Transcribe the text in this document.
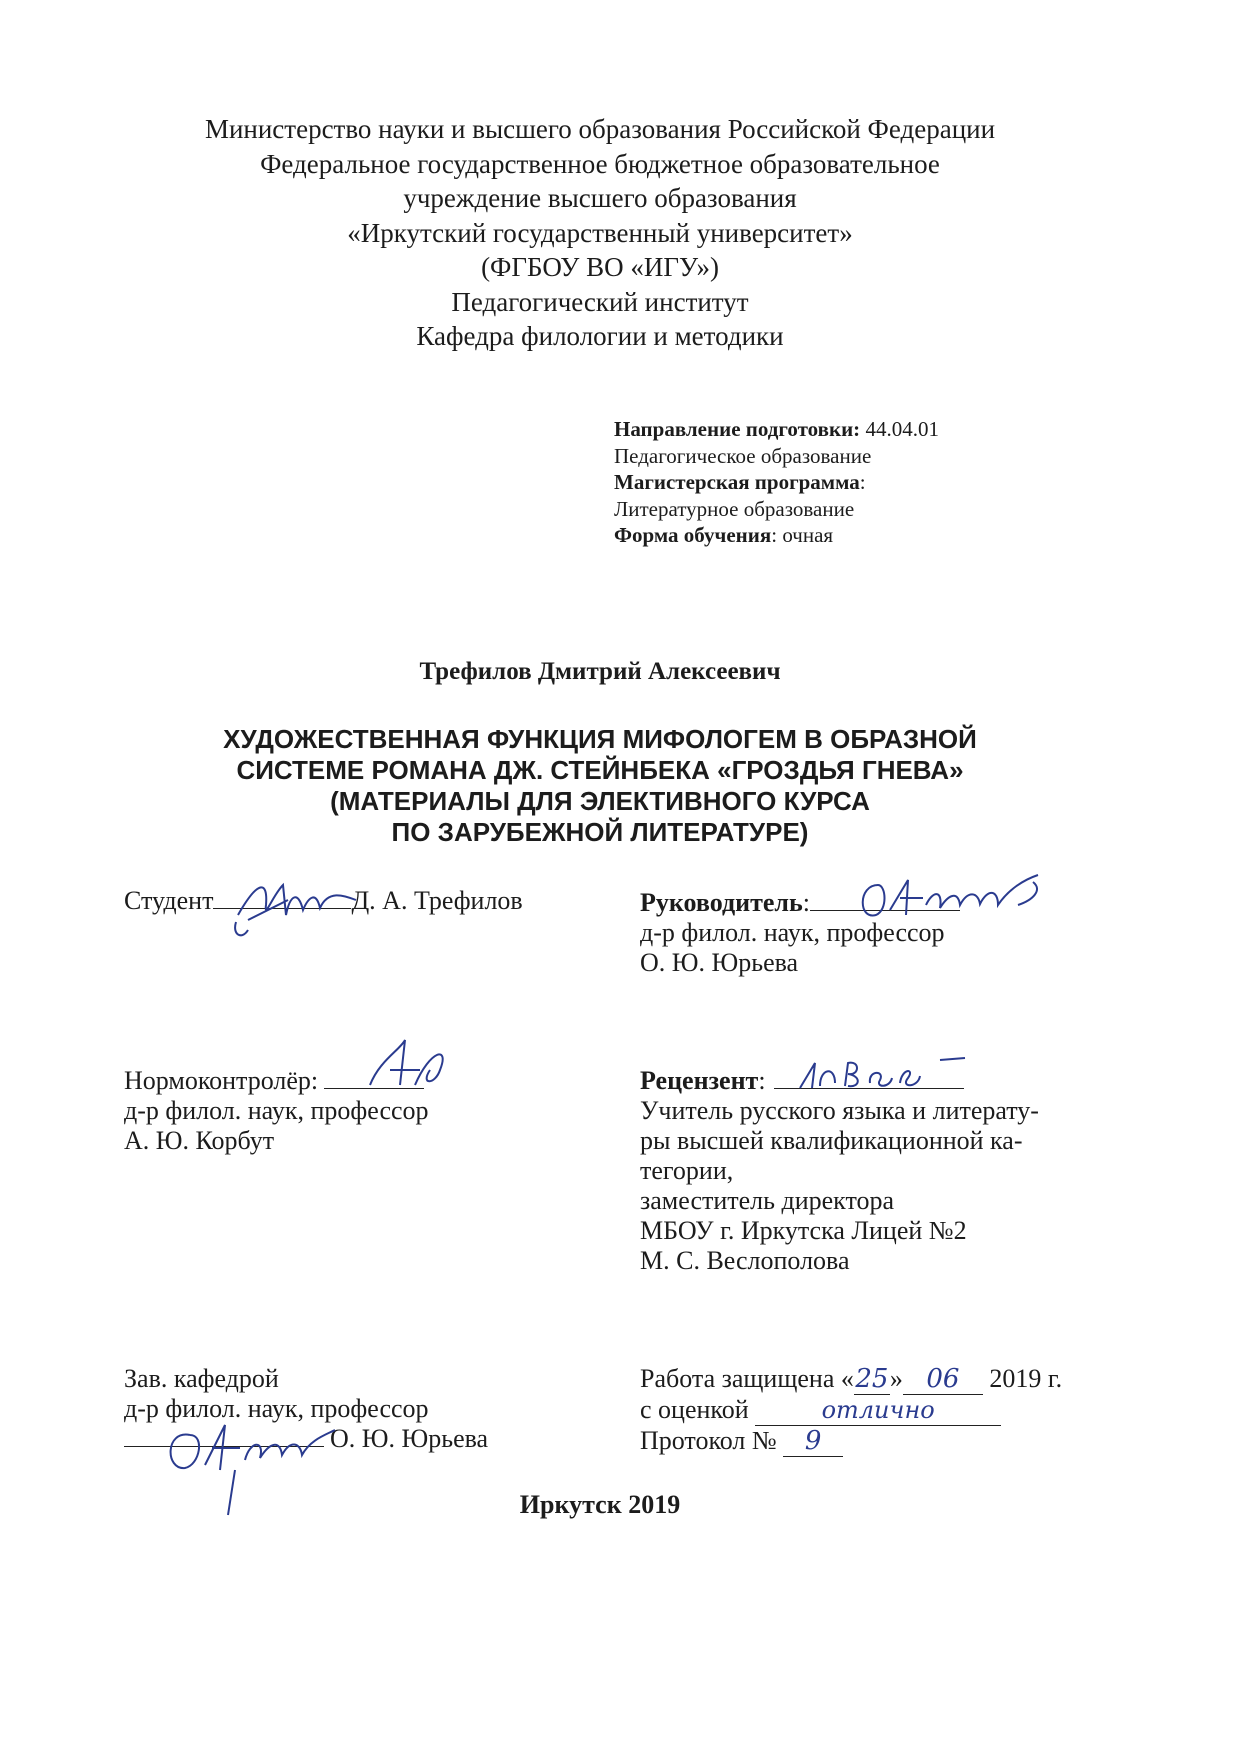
Министерство науки и высшего образования Российской Федерации
Федеральное государственное бюджетное образовательное
учреждение высшего образования
«Иркутский государственный университет»
(ФГБОУ ВО «ИГУ»)
Педагогический институт
Кафедра филологии и методики
Направление подготовки: 44.04.01
Педагогическое образование
Магистерская программа:
Литературное образование
Форма обучения: очная
Трефилов Дмитрий Алексеевич
ХУДОЖЕСТВЕННАЯ ФУНКЦИЯ МИФОЛОГЕМ В ОБРАЗНОЙ
СИСТЕМЕ РОМАНА ДЖ. СТЕЙНБЕКА «ГРОЗДЬЯ ГНЕВА»
(МАТЕРИАЛЫ ДЛЯ ЭЛЕКТИВНОГО КУРСА
ПО ЗАРУБЕЖНОЙ ЛИТЕРАТУРЕ)
Студент	Д. А. Трефилов	Руководитель:
д-р филол. наук, профессор
О. Ю. Юрьева
Нормоконтролёр:
д-р филол. наук, профессор
А. Ю. Корбут
Рецензент:
Учитель русского языка и литерату-
ры высшей квалификационной ка-
тегории,
заместитель директора
МБОУ г. Иркутска Лицей №2
М. С. Веслополова
Зав. кафедрой
д-р филол. наук, профессор
О. Ю. Юрьева
Работа защищена «25» 06 2019 г.
с оценкой	отлично
Протокол № 9
Иркутск 2019
